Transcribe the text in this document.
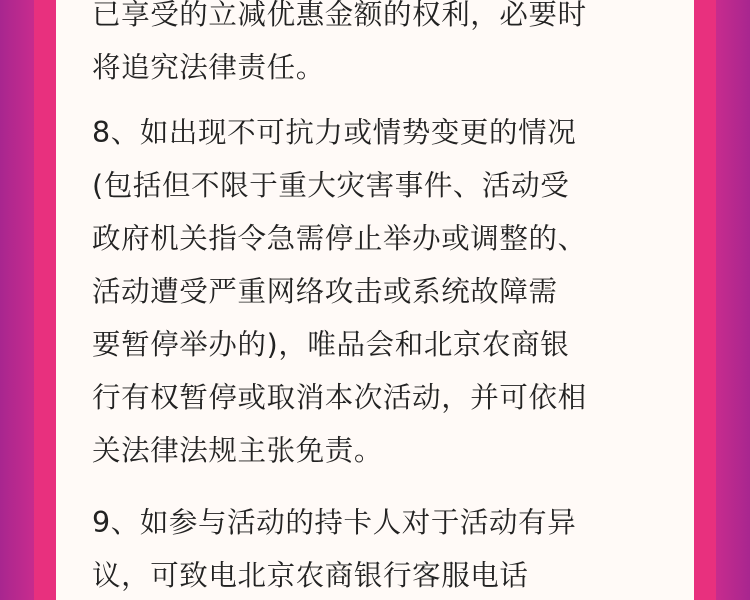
已享受的立减优惠金额的权利，必要时
将追究法律责任。
8、如出现不可抗力或情势变更的情况
(包括但不限于重大灾害事件、活动受
政府机关指令急需停止举办或调整的、
活动遭受严重网络攻击或系统故障需
要暂停举办的)，唯品会和北京农商银
行有权暂停或取消本次活动，并可依相
关法律法规主张免责。
9、如参与活动的持卡人对于活动有异
议，可致电北京农商银行客服电话
